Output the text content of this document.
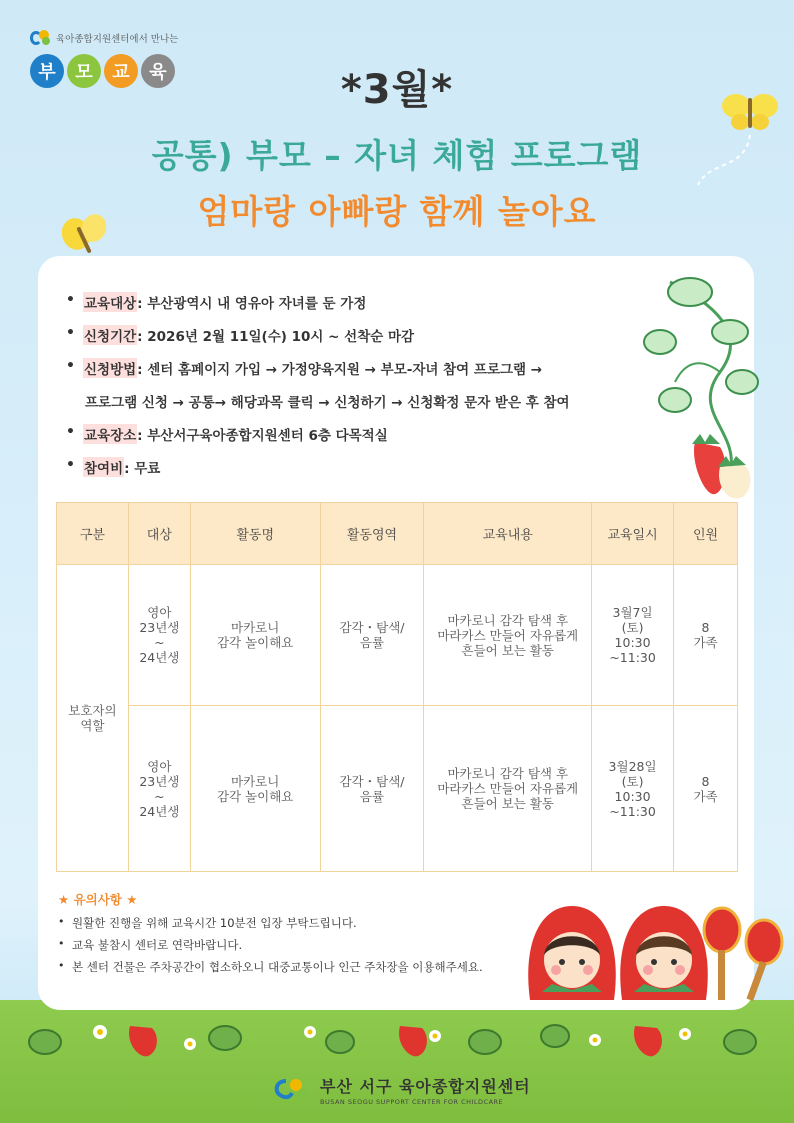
육아종합지원센터에서 만나는
부	모	교	육	*3월*
공통) 부모 – 자녀 체험 프로그램
엄마랑 아빠랑 함께 놀아요
• 교육대상 : 부산광역시 내 영유아 자녀를 둔 가정
• 신청기간 : 2026년 2월 11일(수) 10시 ~ 선착순 마감
• 신청방법 : 센터 홈페이지 가입 → 가정양육지원 → 부모-자녀 참여 프로그램 →
프로그램 신청 → 공통→ 해당과목 클릭 → 신청하기 → 신청확정 문자 받은 후 참여
• 교육장소 : 부산서구육아종합지원센터 6층 다목적실
• 참여비 : 무료
구분	대상	활동명	활동영역	교육내용	교육일시	인원
보호자의
역할	영아
23년생
~
24년생	마카로니
감각 놀이해요	감각・탐색/
음률	마카로니 감각 탐색 후
마라카스 만들어 자유롭게
흔들어 보는 활동	3월7일
(토)
10:30
~11:30	8
가족
	영아
23년생
~
24년생	마카로니
감각 놀이해요	감각・탐색/
음률	마카로니 감각 탐색 후
마라카스 만들어 자유롭게
흔들어 보는 활동	3월28일
(토)
10:30
~11:30	8
가족
★ 유의사항 ★
• 원활한 진행을 위해 교육시간 10분전 입장 부탁드립니다.
• 교육 불참시 센터로 연락바랍니다.
• 본 센터 건물은 주차공간이 협소하오니 대중교통이나 인근 주차장을 이용해주세요.
부산 서구 육아종합지원센터
BUSAN SEOGU SUPPORT CENTER FOR CHILDCARE
